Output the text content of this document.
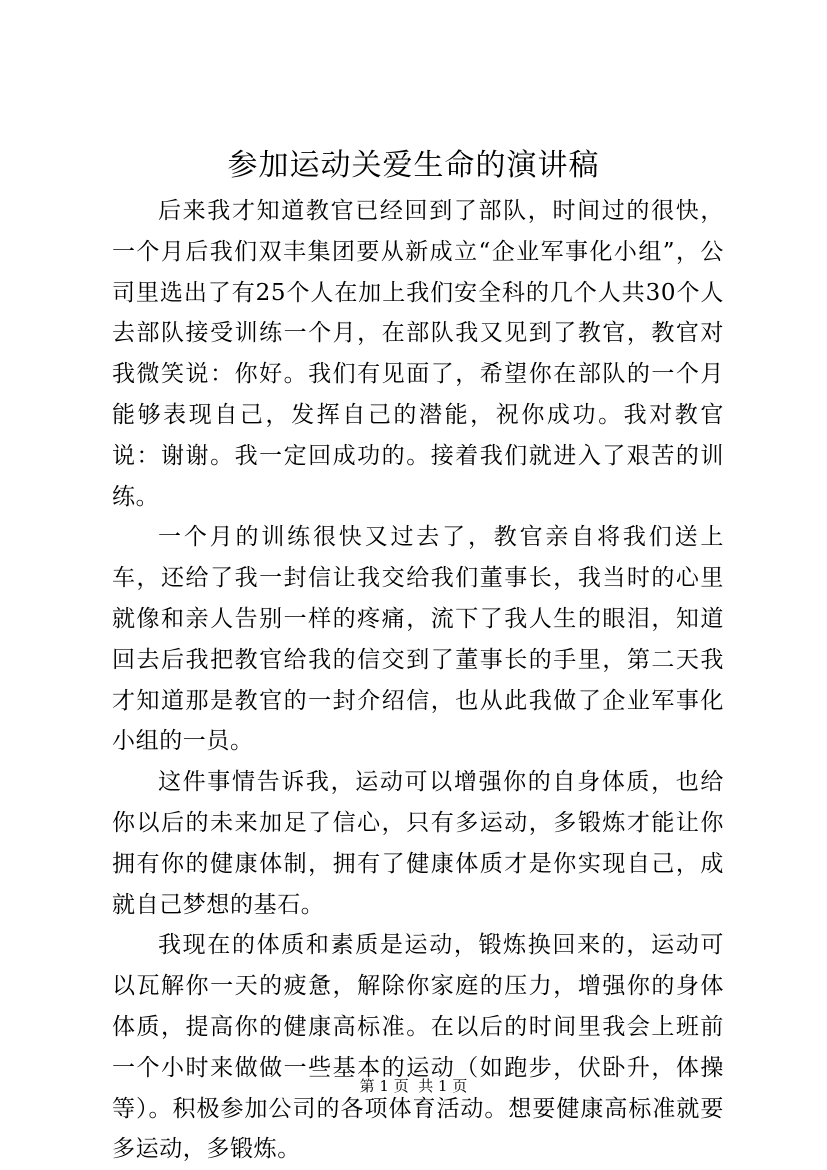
参加运动关爱生命的演讲稿

后来我才知道教官已经回到了部队，时间过的很快，一个月后我们双丰集团要从新成立“企业军事化小组”，公司里选出了有25个人在加上我们安全科的几个人共30个人去部队接受训练一个月，在部队我又见到了教官，教官对我微笑说：你好。我们有见面了，希望你在部队的一个月能够表现自己，发挥自己的潜能，祝你成功。我对教官说：谢谢。我一定回成功的。接着我们就进入了艰苦的训练。

一个月的训练很快又过去了，教官亲自将我们送上车，还给了我一封信让我交给我们董事长，我当时的心里就像和亲人告别一样的疼痛，流下了我人生的眼泪，知道回去后我把教官给我的信交到了董事长的手里，第二天我才知道那是教官的一封介绍信，也从此我做了企业军事化小组的一员。

这件事情告诉我，运动可以增强你的自身体质，也给你以后的未来加足了信心，只有多运动，多锻炼才能让你拥有你的健康体制，拥有了健康体质才是你实现自己，成就自己梦想的基石。

我现在的体质和素质是运动，锻炼换回来的，运动可以瓦解你一天的疲惫，解除你家庭的压力，增强你的身体体质，提高你的健康高标准。在以后的时间里我会上班前一个小时来做做一些基本的运动（如跑步，伏卧升，体操等）。积极参加公司的各项体育活动。想要健康高标准就要多运动，多锻炼。

第 1 页  共 1 页
